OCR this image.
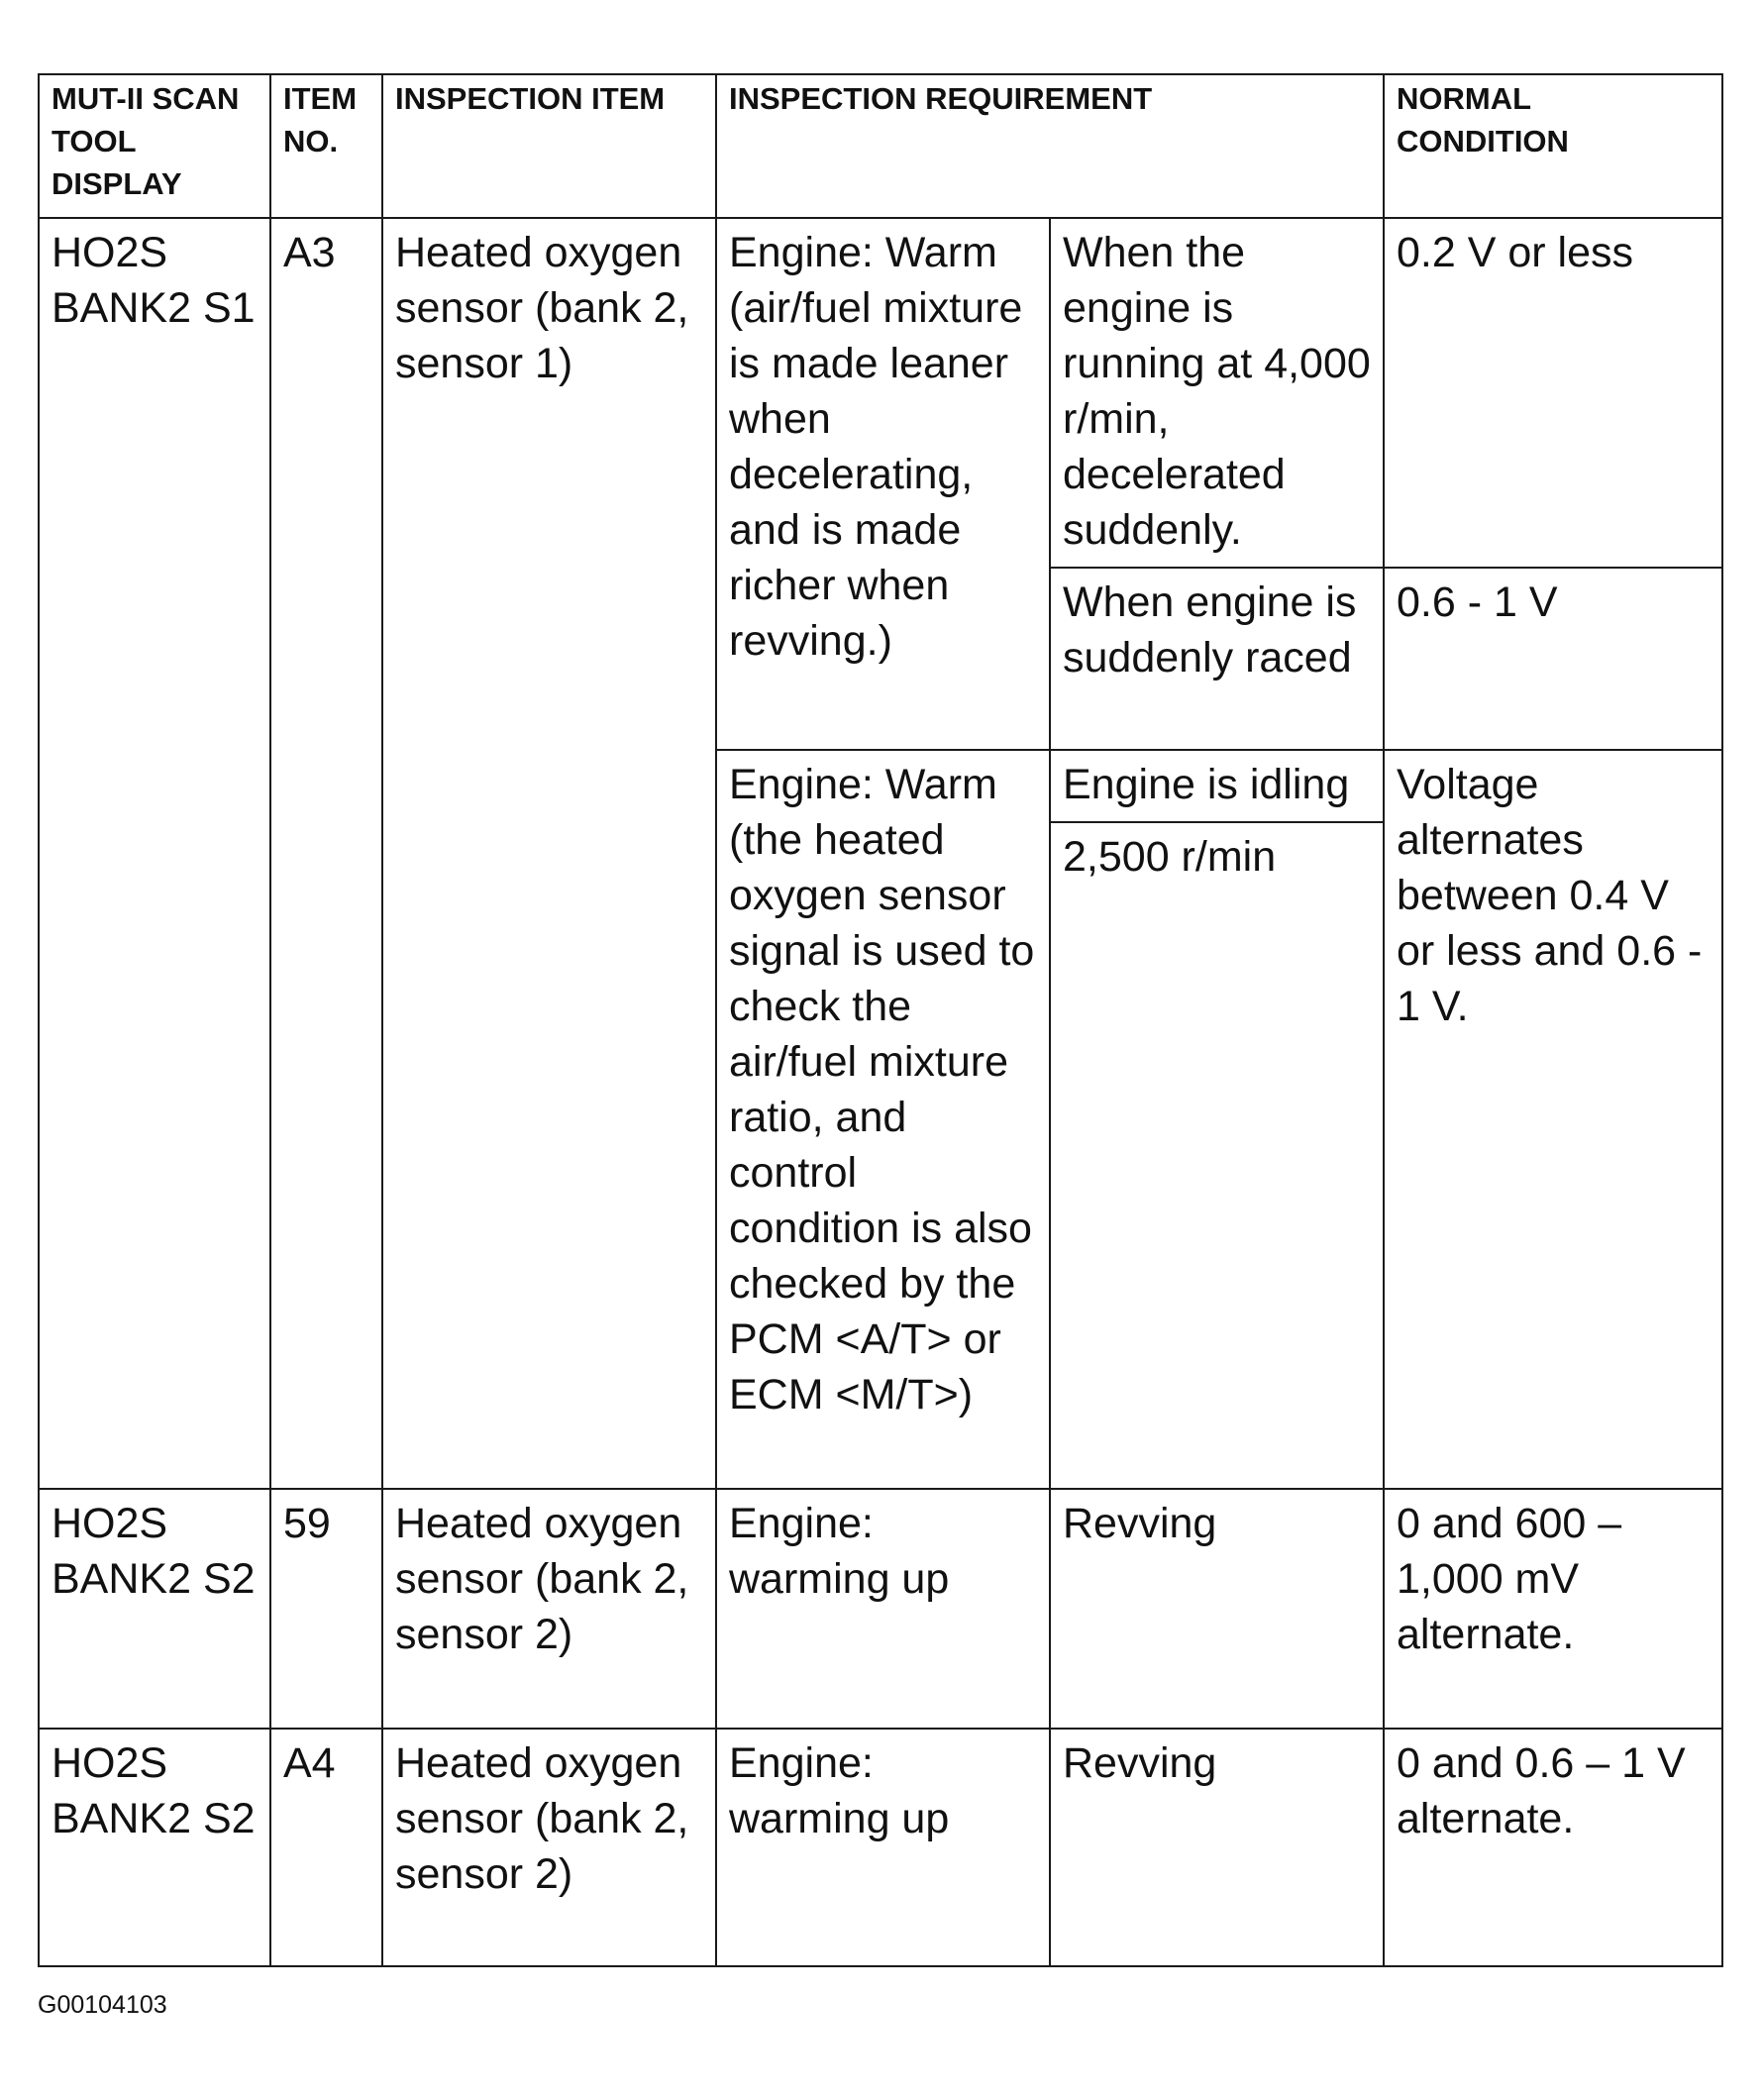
MUT-II SCAN TOOL DISPLAY	ITEM NO.	INSPECTION ITEM	INSPECTION REQUIREMENT		NORMAL CONDITION
HO2S BANK2 S1	A3	Heated oxygen sensor (bank 2, sensor 1)	Engine: Warm (air/fuel mixture is made leaner when decelerating, and is made richer when revving.)	When the engine is running at 4,000 r/min, decelerated suddenly.	0.2 V or less
				When engine is suddenly raced	0.6 - 1 V
			Engine: Warm (the heated oxygen sensor signal is used to check the air/fuel mixture ratio, and control condition is also checked by the PCM <A/T> or ECM <M/T>)	Engine is idling	Voltage alternates between 0.4 V or less and 0.6 - 1 V.
				2,500 r/min	
HO2S BANK2 S2	59	Heated oxygen sensor (bank 2, sensor 2)	Engine: warming up	Revving	0 and 600 – 1,000 mV alternate.
HO2S BANK2 S2	A4	Heated oxygen sensor (bank 2, sensor 2)	Engine: warming up	Revving	0 and 0.6 – 1 V alternate.
G00104103
